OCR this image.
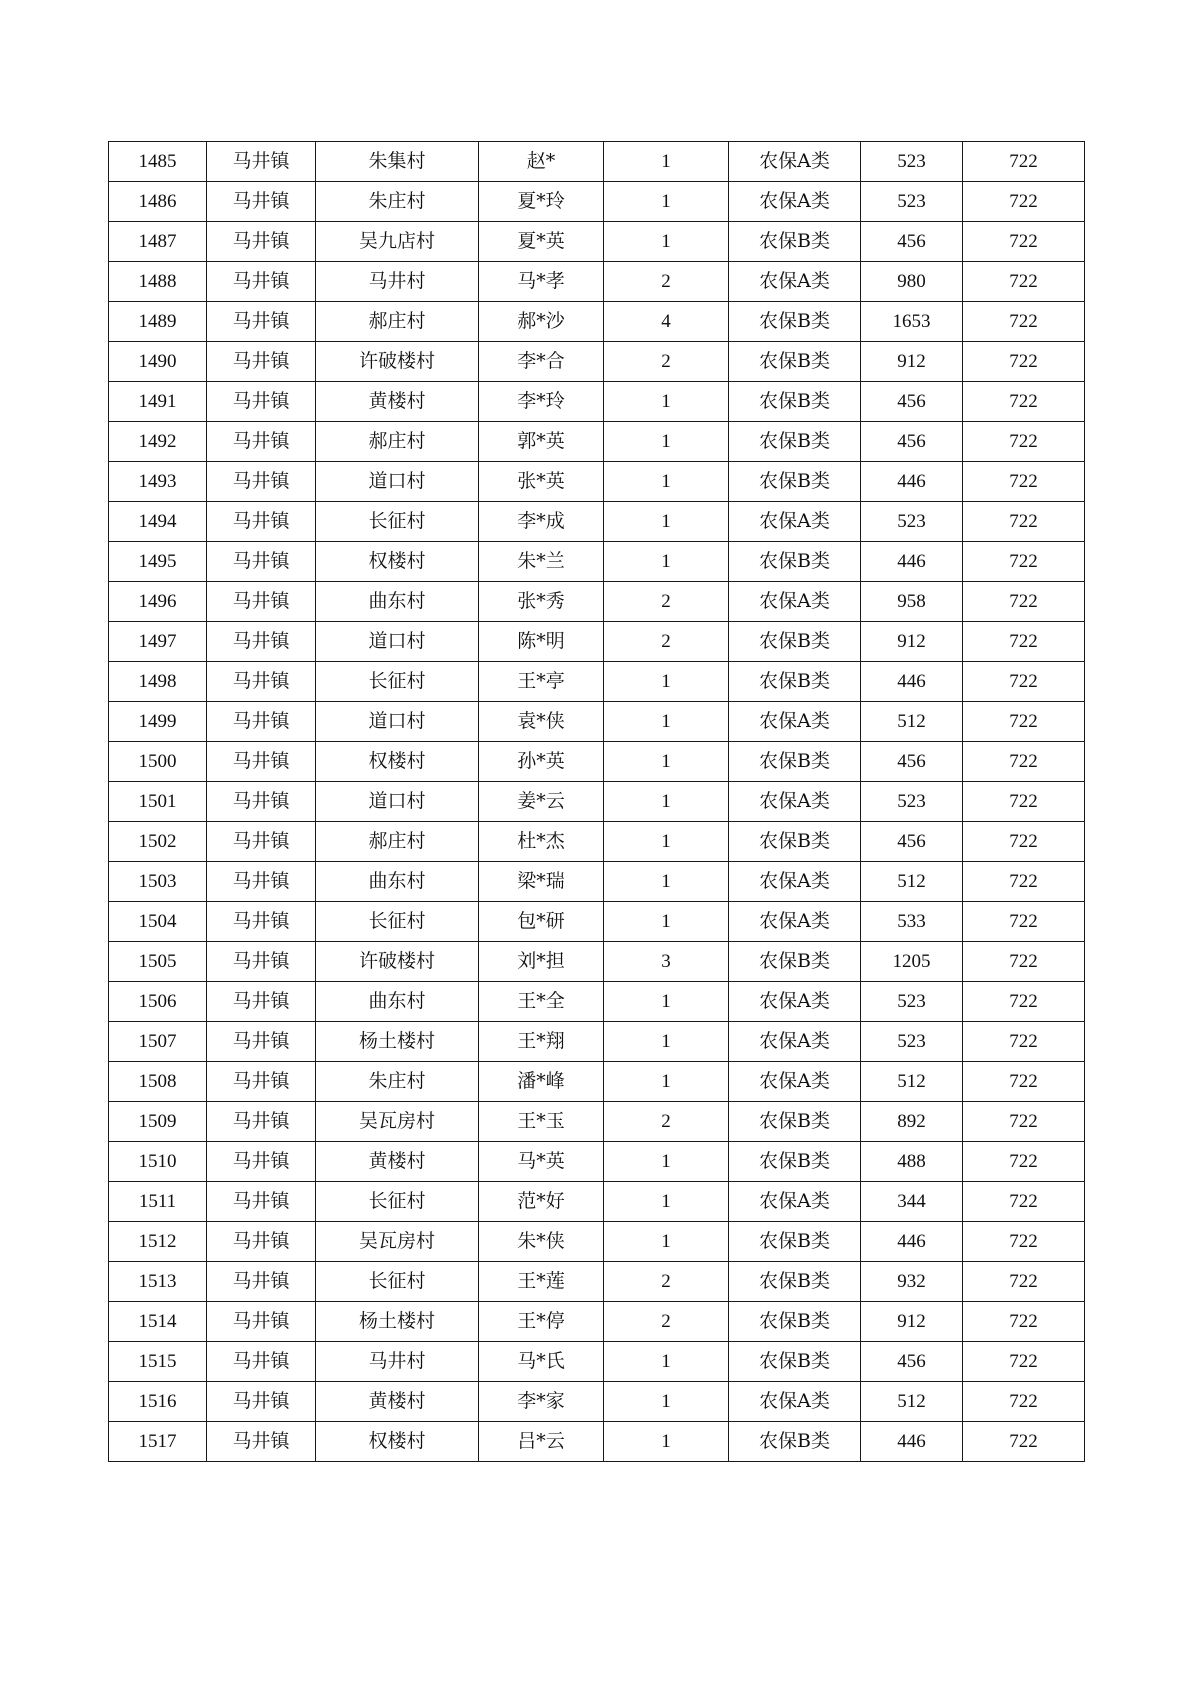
1485	马井镇	朱集村	赵*	1	农保A类	523	722
1486	马井镇	朱庄村	夏*玲	1	农保A类	523	722
1487	马井镇	吴九店村	夏*英	1	农保B类	456	722
1488	马井镇	马井村	马*孝	2	农保A类	980	722
1489	马井镇	郝庄村	郝*沙	4	农保B类	1653	722
1490	马井镇	许破楼村	李*合	2	农保B类	912	722
1491	马井镇	黄楼村	李*玲	1	农保B类	456	722
1492	马井镇	郝庄村	郭*英	1	农保B类	456	722
1493	马井镇	道口村	张*英	1	农保B类	446	722
1494	马井镇	长征村	李*成	1	农保A类	523	722
1495	马井镇	权楼村	朱*兰	1	农保B类	446	722
1496	马井镇	曲东村	张*秀	2	农保A类	958	722
1497	马井镇	道口村	陈*明	2	农保B类	912	722
1498	马井镇	长征村	王*亭	1	农保B类	446	722
1499	马井镇	道口村	袁*侠	1	农保A类	512	722
1500	马井镇	权楼村	孙*英	1	农保B类	456	722
1501	马井镇	道口村	姜*云	1	农保A类	523	722
1502	马井镇	郝庄村	杜*杰	1	农保B类	456	722
1503	马井镇	曲东村	梁*瑞	1	农保A类	512	722
1504	马井镇	长征村	包*研	1	农保A类	533	722
1505	马井镇	许破楼村	刘*担	3	农保B类	1205	722
1506	马井镇	曲东村	王*全	1	农保A类	523	722
1507	马井镇	杨土楼村	王*翔	1	农保A类	523	722
1508	马井镇	朱庄村	潘*峰	1	农保A类	512	722
1509	马井镇	吴瓦房村	王*玉	2	农保B类	892	722
1510	马井镇	黄楼村	马*英	1	农保B类	488	722
1511	马井镇	长征村	范*好	1	农保A类	344	722
1512	马井镇	吴瓦房村	朱*侠	1	农保B类	446	722
1513	马井镇	长征村	王*莲	2	农保B类	932	722
1514	马井镇	杨土楼村	王*停	2	农保B类	912	722
1515	马井镇	马井村	马*氏	1	农保B类	456	722
1516	马井镇	黄楼村	李*家	1	农保A类	512	722
1517	马井镇	权楼村	吕*云	1	农保B类	446	722
